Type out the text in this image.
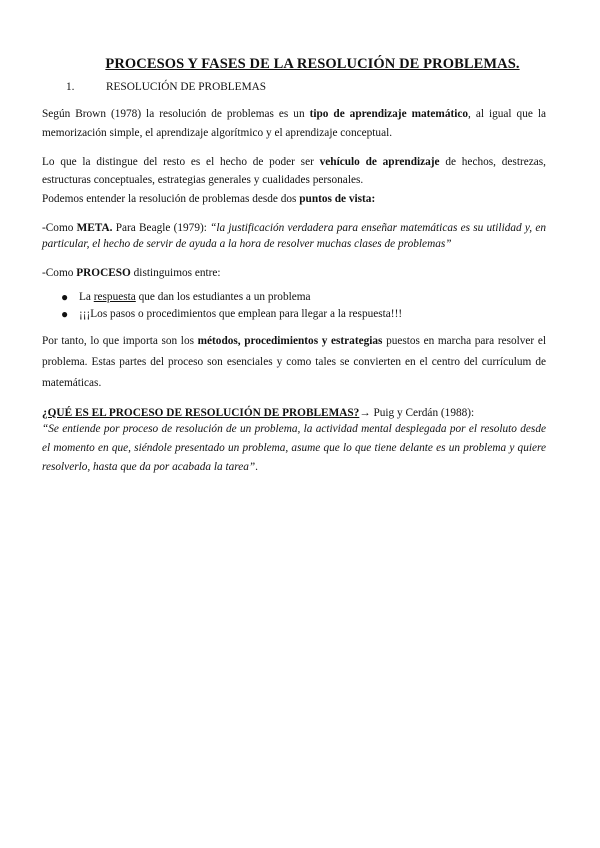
PROCESOS Y FASES DE LA RESOLUCIÓN DE PROBLEMAS.
1.	RESOLUCIÓN DE PROBLEMAS
Según Brown (1978) la resolución de problemas es un tipo de aprendizaje matemático, al igual que la memorización simple, el aprendizaje algorítmico y el aprendizaje conceptual.
Lo que la distingue del resto es el hecho de poder ser vehículo de aprendizaje de hechos, destrezas, estructuras conceptuales, estrategias generales y cualidades personales.
Podemos entender la resolución de problemas desde dos puntos de vista:
-Como META. Para Beagle (1979): “la justificación verdadera para enseñar matemáticas es su utilidad y, en particular, el hecho de servir de ayuda a la hora de resolver muchas clases de problemas”
-Como PROCESO distinguimos entre:
● La respuesta que dan los estudiantes a un problema
● ¡¡¡Los pasos o procedimientos que emplean para llegar a la respuesta!!!
Por tanto, lo que importa son los métodos, procedimientos y estrategias puestos en marcha para resolver el problema. Estas partes del proceso son esenciales y como tales se convierten en el centro del currículum de matemáticas.
¿QUÉ ES EL PROCESO DE RESOLUCIÓN DE PROBLEMAS?→ Puig y Cerdán (1988):
“Se entiende por proceso de resolución de un problema, la actividad mental desplegada por el resoluto desde el momento en que, siéndole presentado un problema, asume que lo que tiene delante es un problema y quiere resolverlo, hasta que da por acabada la tarea”.
